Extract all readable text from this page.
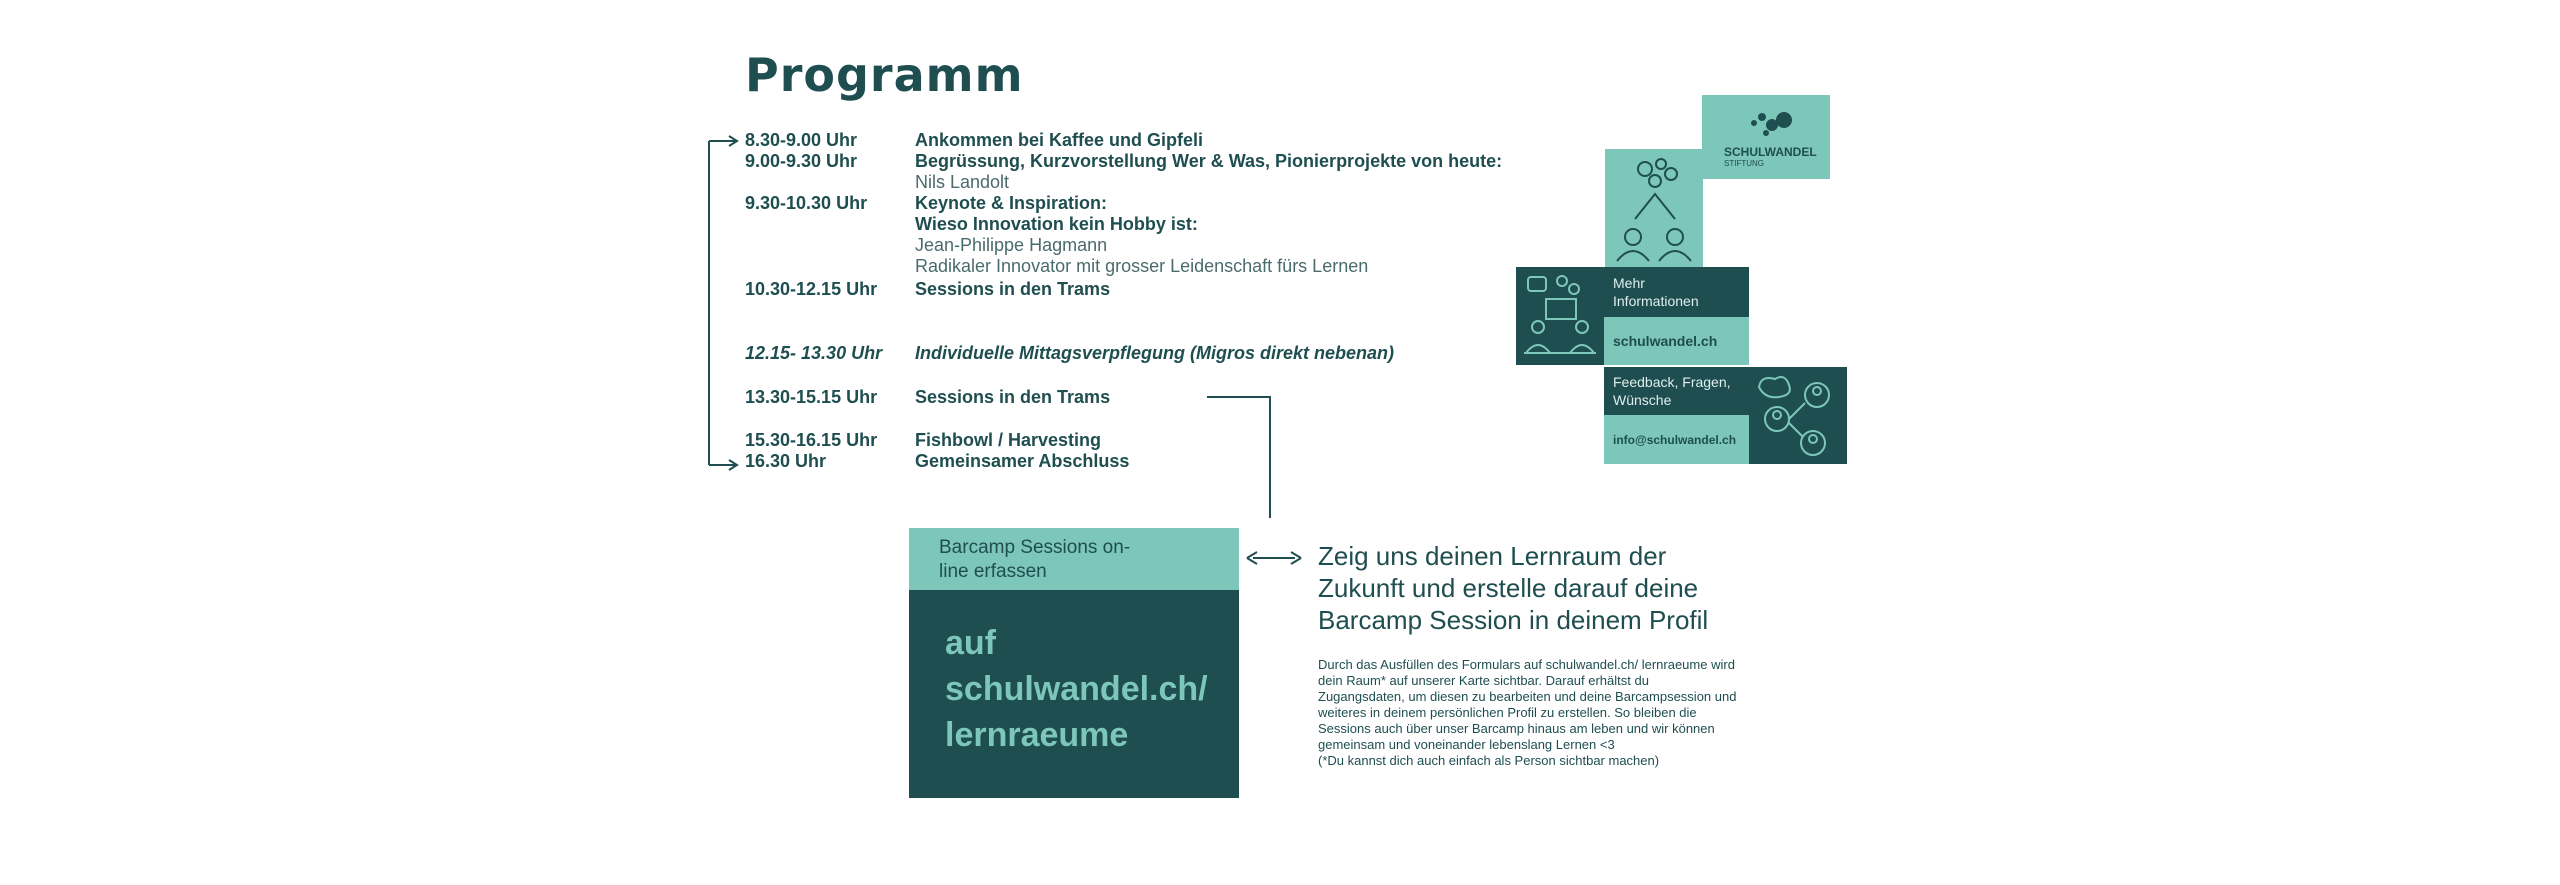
Programm
8.30-9.00 Uhr	Ankommen bei Kaffee und Gipfeli
9.00-9.30 Uhr	Begrüssung, Kurzvorstellung Wer & Was, Pionierprojekte von heute:
Nils Landolt
9.30-10.30 Uhr	Keynote & Inspiration:
Wieso Innovation kein Hobby ist:
Jean-Philippe Hagmann
Radikaler Innovator mit grosser Leidenschaft fürs Lernen
10.30-12.15 Uhr Sessions in den Trams
12.15- 13.30 Uhr Individuelle Mittagsverpflegung (Migros direkt nebenan)
13.30-15.15 Uhr Sessions in den Trams
15.30-16.15 Uhr Fishbowl / Harvesting
16.30 Uhr	Gemeinsamer Abschluss
SCHULWANDEL
STIFTUNG
Mehr Informationen
schulwandel.ch
Feedback, Fragen, Wünsche
info@schulwandel.ch
Barcamp Sessions on-line erfassen
auf schulwandel.ch/ lernraeume
Zeig uns deinen Lernraum der Zukunft und erstelle darauf deine Barcamp Session in deinem Profil
Durch das Ausfüllen des Formulars auf schulwandel.ch/ lernraeume wird dein Raum* auf unserer Karte sichtbar. Darauf erhältst du Zugangsdaten, um diesen zu bearbeiten und deine Barcampsession und weiteres in deinem persönlichen Profil zu erstellen. So bleiben die Sessions auch über unser Barcamp hinaus am leben und wir können gemeinsam und voneinander lebenslang Lernen <3
(*Du kannst dich auch einfach als Person sichtbar machen)
